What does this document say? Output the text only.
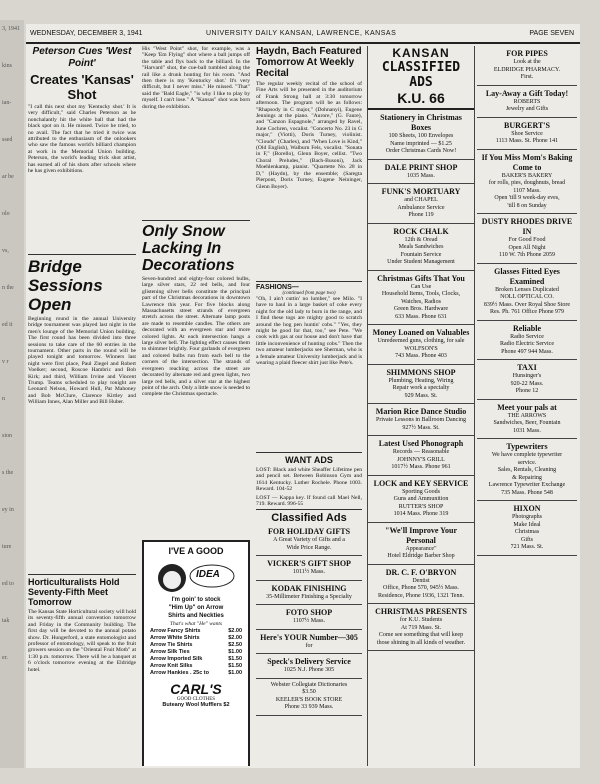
3, 1941
kins
ian-
ssed
ar be
olo
vs,
n the
ed it
v r
n
sion
s the
ey in
ture
ed to
tak
er.
WEDNESDAY, DECEMBER 3, 1941	UNIVERSITY DAILY KANSAN, LAWRENCE, KANSAS	PAGE SEVEN
Peterson Cues 'West Point'
Creates 'Kansas' Shot
"I call this next shot my 'Kentucky shot.' It is very difficult," said Charles Peterson as he nonchalantly hit the white ball that had the black spot on it. He missed. Twice he tried, to no avail. The fact that he tried it twice was attributed to the enthusiasm of the onlookers who saw the famous world's billiard champion at work in the Memorial Union building. Peterson, the world's leading trick shot artist, has earned all of his shots after schools where he has given exhibitions.
Bridge Sessions Open
Beginning round in the annual University bridge tournament was played last night in the men's lounge of the Memorial Union building. The first round has been divided into three sessions to take care of the 60 entries in the tournament. Other parts in the round will be played tonight and tomorrow. Winners last night were first place, Paul Ziegel and Robert Voelker; second, Roscoe Hambric and Bob Kirk; and third, William Irvine and Vincent Trump. Teams scheduled to play tonight are Leonard Nelson, Howard Hull, Pat Mahoney and Bob McClure, Clarence Kirtley and William Innes, Alan Miller and Bill Huber.
Horticulturalists Hold Seventy-Fifth Meet Tomorrow
The Kansas State Horticultural society will hold its seventy-fifth annual convention tomorrow and Friday in the Community building. The first day will be devoted to the annual potato show. Dr. Hungerford, a state entomologist and professor of entomology, will speak to the fruit growers session on the "Oriental Fruit Moth" at 1:30 p.m. tomorrow. There will be a banquet at 6 o'clock tomorrow evening at the Eldridge hotel.
His "West Point" shot, for example, was a "Keep 'Em Flying" shot where a ball jumps off the table and flys back to the billiard. In the "Harvard" shot, the cue-ball tumbled along the rail like a drunk hunting for his room. "And then there is my 'Kentucky shot.' It's very difficult, but I never miss." He missed. "That" said the "Bald Eagle," "is why I like to play by myself. I can't lose." A "Kansas" shot was born during the exhibition.
Only Snow Lacking In Decorations
Seven-hundred and eighty-four colored bulbs, large silver stars, 22 red bells, and four glistening silver bells constitute the principal part of the Christmas decorations in downtown Lawrence this year. For five blocks along Massachusetts street strands of evergreen stretch across the street. Alternate lamp posts are made to resemble candles. The others are decorated with an evergreen star and more colored lights. At each intersection hangs a large silver bell. The lighting effect causes them to shimmer brightly. Four garlands of evergreen and colored bulbs run from each bell to the corners of the intersection. The strands of evergreen reaching across the street are decorated by alternate red and green lights, two large red bells, and a silver star at the highest point of the arch. Only a little snow is needed to complete the Christmas spectacle.
I'VE A GOOD
IDEA
I'm goin' to stock
"Him Up" on Arrow
Shirts and Neckties
That's what "He" wants
Arrow Fancy Shirts	$2.00
Arrow White Shirts	$2.00
Arrow Tie Shirts	$2.50
Arrow Silk Ties	$1.00
Arrow Imported Silk	$1.50
Arrow Knit Silks	$1.50
Arrow Hankies . 25c to	$1.00
CARL'S
GOOD CLOTHES
Buteany Wool Mufflers $2
Haydn, Bach Featured Tomorrow At Weekly Recital
The regular weekly recital of the school of Fine Arts will be presented in the auditorium of Frank Strong hall at 3:30 tomorrow afternoon. The program will be as follows: "Rhapsody in C major," (Dohnanyi), Eugene Jennings at the piano. "Aurore," (G. Faure), and "Canzon Espagnole," arranged by Ravel, June Cochren, vocalist. "Concerto No. 23 in G major," (Viotti), Doris Turney, violinist. "Clouds" (Charles), and "When Love is Kind," (Old English), Walburn Fels, vocalist. "Sonata in F," (Borello), Glenn Boyer, cellist. "Two Choral Preludes," (Bach-Busoni), Jack Moehlenkamp, pianist. "Quartette No. 28 in D," (Haydn), by the ensemble; (Saregta Pierpont, Doris Turney, Eugene Neininger, Glenn Boyer).
FASHIONS—
(continued from page two)
"Oh, I ain't cuttin' no lumber," see Milo. "I have to haul in a large basket of coke every night for the old lady to burn in the range, and I find these togs are mighty good to scratch around the hog pen huntin' cobs." "Yes, they might be good for that, too," see Pete. "We cook with gas at our house and don't have that little inconvenience of hunting cobs." Then the two amateur lumberjacks see Sherman, who is a female amateur University lumberjack and is wearing a plaid fleecer shirt just like Pete's.
WANT ADS
LOST: Black and white Sheaffer Lifetime pen and pencil set. Between Robinson Gym and 1614 Kentucky. Luther Rochele. Phone 1003. Reward. 104-52
LOST — Kappa key. If found call Mael Nell, 719. Reward. 996-55
Classified Ads
FOR HOLIDAY GIFTS
A Great Variety of Gifts and a
Wide Price Range.
VICKER'S GIFT SHOP
1011½ Mass.
KODAK FINISHING
35-Millimeter Finishing a Specialty
FOTO SHOP
1107½ Mass.
Here's YOUR Number—305
for
Speck's Delivery Service
1025 N.J. Phone 305
Webster Collegiate Dictionaries
$3.50
KEELER'S BOOK STORE
Phone 33 939 Mass.
KANSAN
CLASSIFIED ADS
K.U. 66
Stationery in Christmas Boxes
100 Sheets, 100 Envelopes
Name imprinted — $1.25
Order Christmas Cards Now!
DALE PRINT SHOP
1035 Mass.
FUNK'S MORTUARY
and CHAPEL
Ambulance Service
Phone 119
ROCK CHALK
12th & Oread
Meals Sandwiches
Fountain Service
Under Student Management
Christmas Gifts That You
Can Use
Household Items, Tools, Clocks,
Watches, Radios
Green Bros. Hardware
633 Mass. Phone 631
Money Loaned on Valuables
Unredeemed guns, clothing, for sale
WOLFSON'S
743 Mass. Phone 403
SHIMMONS SHOP
Plumbing, Heating, Wiring
Repair work a specialty
929 Mass. St.
Marion Rice Dance Studio
Private Lessons in Ballroom Dancing
927½ Mass. St.
Latest Used Phonograph
Records — Reasonable
JOHNNY'S GRILL
1017½ Mass. Phone 961
LOCK and KEY SERVICE
Sporting Goods
Guns and Ammunition
RUTTER'S SHOP
1014 Mass. Phone 319
"We'll Improve Your Personal
Appearance"
Hotel Eldridge Barber Shop
DR. C. F. O'BRYON
Dentist
Office, Phone 570, 945½ Mass.
Residence, Phone 1936, 1321 Tenn.
CHRISTMAS PRESENTS
for K.U. Students
At 719 Mass. St.
Come see something that will keep
those shining in all kinds of weather.
FOR PIPES
Look at the
ELDRIDGE PHARMACY.
First.
Lay-Away a Gift Today!
ROBERTS
Jewelry and Gifts
BURGERT'S
Shoe Service
1113 Mass. St. Phone 141
If You Miss Mom's Baking Come to
BAKER'S BAKERY
for rolls, pies, doughnuts, bread
1107 Mass.
Open 'till 9 week-day eves,
'till 8 on Sunday
DUSTY RHODES DRIVE IN
For Good Food
Open All Night
110 W. 7th Phone 2059
Glasses Fitted Eyes Examined
Broken Lenses Duplicated
NOLL OPTICAL CO.
839½ Mass. Over Royal Shoe Store
Res. Ph. 761 Office Phone 979
Reliable
Radio Service
Radio Electric Service
Phone 497 944 Mass.
TAXI
Hunsinger's
920-22 Mass.
Phone 12
Meet your pals at
THE ARROWS
Sandwiches, Beer, Fountain
1031 Mass.
Typewriters
We have complete typewriter
service.
Sales, Rentals, Cleaning
& Repairing
Lawrence Typewriter Exchange
735 Mass. Phone 548
HIXON
Photographs
Make Ideal
Christmas
Gifts
721 Mass. St.
